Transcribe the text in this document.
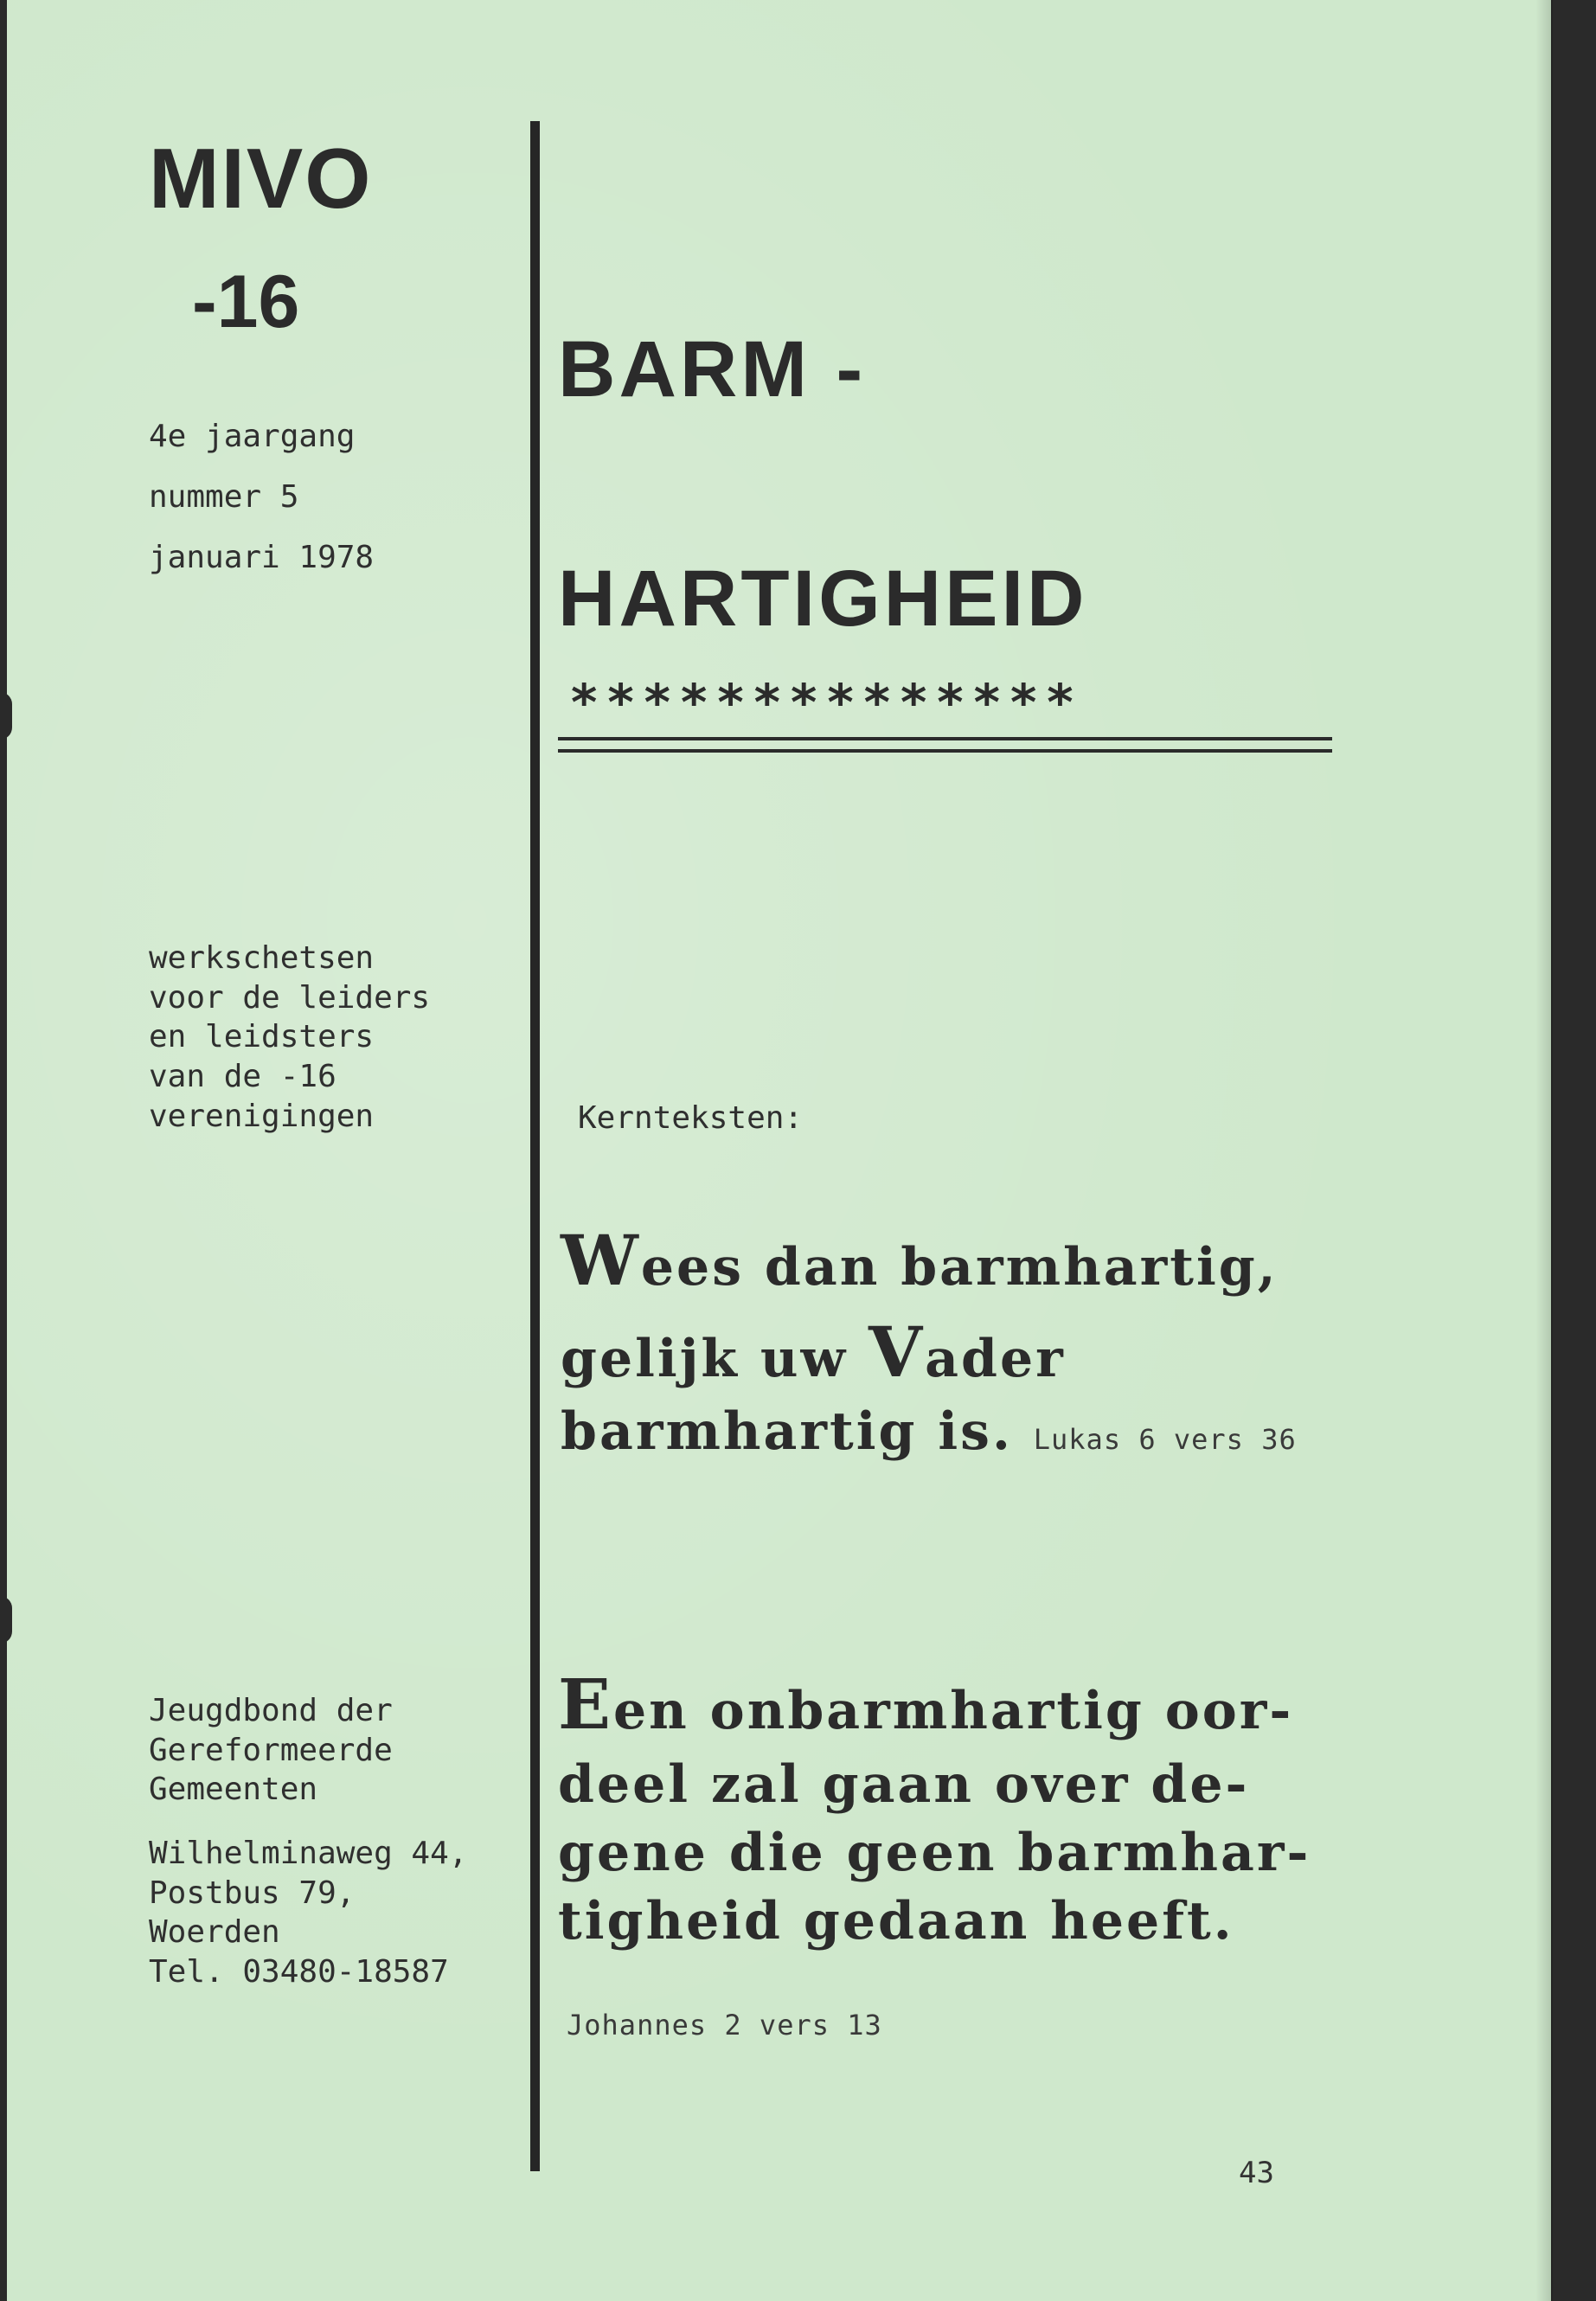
MIVO
-16
4e jaargang
nummer 5
januari 1978
werkschetsen
voor de leiders
en leidsters
van de -16
verenigingen
Jeugdbond der
Gereformeerde
Gemeenten
Wilhelminaweg 44,
Postbus 79,
Woerden
Tel. 03480-18587
BARM -
HARTIGHEID
**************
Kernteksten:
Wees dan barmhartig,
gelijk uw Vader
barmhartig is. Lukas 6 vers 36
Een onbarmhartig oor-
deel zal gaan over de-
gene die geen barmhar-
tigheid gedaan heeft.
Johannes 2 vers 13
43
